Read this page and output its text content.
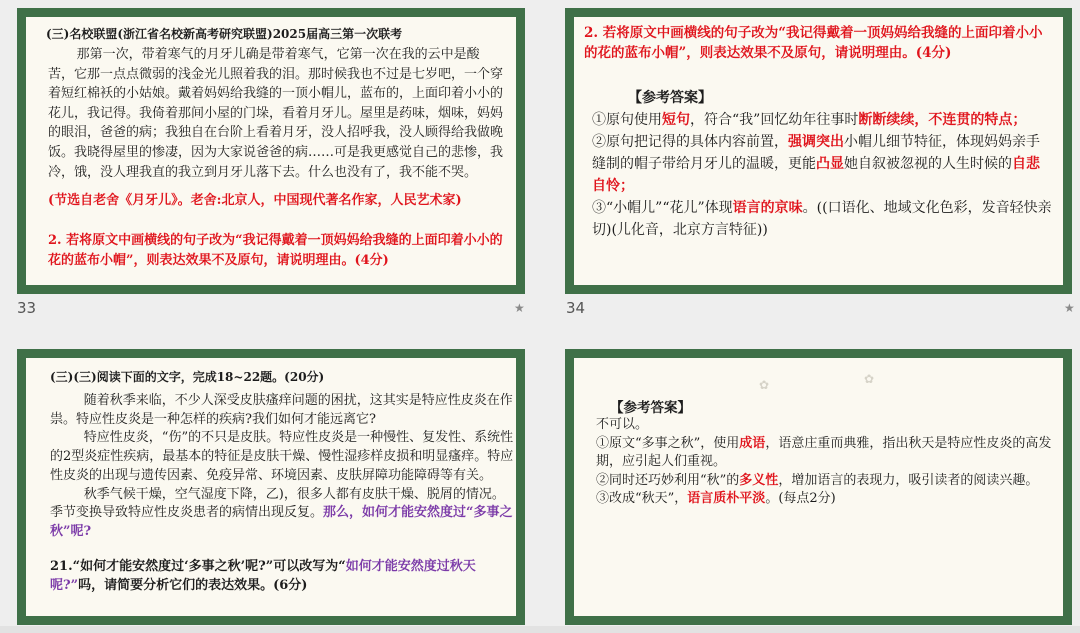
(三)名校联盟(浙江省名校新高考研究联盟)2025届高三第一次联考

那第一次，带着寒气的月牙儿确是带着寒气，它第一次在我的云中是酸苦，它那一点点微弱的浅金光儿照着我的泪。那时候我也不过是七岁吧，一个穿着短红棉袄的小姑娘。戴着妈妈给我缝的一顶小帽儿，蓝布的，上面印着小小的花儿，我记得。我倚着那间小屋的门垛，看着月牙儿。屋里是药味，烟味，妈妈的眼泪，爸爸的病；我独自在台阶上看着月牙，没人招呼我，没人顾得给我做晚饭。我晓得屋里的惨凄，因为大家说爸爸的病……可是我更感觉自己的悲惨，我冷，饿，没人理我直的我立到月牙儿落下去。什么也没有了，我不能不哭。

(节选自老舍《月牙儿》。老舍:北京人，中国现代著名作家，人民艺术家)

2. 若将原文中画横线的句子改为“我记得戴着一顶妈妈给我缝的上面印着小小的花的蓝布小帽”，则表达效果不及原句，请说明理由。(4分)

33	★

2. 若将原文中画横线的句子改为“我记得戴着一顶妈妈给我缝的上面印着小小的花的蓝布小帽”，则表达效果不及原句，请说明理由。(4分)

【参考答案】

①原句使用短句，符合“我”回忆幼年往事时断断续续，不连贯的特点；
②原句把记得的具体内容前置，强调突出小帽儿细节特征，体现妈妈亲手缝制的帽子带给月牙儿的温暖，更能凸显她自叙被忽视的人生时候的自悲自怜；
③“小帽儿”“花儿”体现语言的京味。((口语化、地域文化色彩，发音轻快亲切)(儿化音，北京方言特征))
34	★

(三)(三)阅读下面的文字，完成18~22题。(20分)

随着秋季来临，不少人深受皮肤瘙痒问题的困扰，这其实是特应性皮炎在作祟。特应性皮炎是一种怎样的疾病?我们如何才能远离它?

特应性皮炎，“伤”的不只是皮肤。特应性皮炎是一种慢性、复发性、系统性的2型炎症性疾病，最基本的特征是皮肤干燥、慢性湿疹样皮损和明显瘙痒。特应性皮炎的出现与遗传因素、免疫异常、环境因素、皮肤屏障功能障碍等有关。

秋季气候干燥，空气湿度下降，乙)，很多人都有皮肤干燥、脱屑的情况。季节变换导致特应性皮炎患者的病情出现反复。那么，如何才能安然度过“多事之秋”呢?

21.“如何才能安然度过‘多事之秋’呢?”可以改写为“如何才能安然度过秋天呢?”吗，请简要分析它们的表达效果。(6分)

✿	✿

【参考答案】

不可以。
①原文“多事之秋”，使用成语，语意庄重而典雅，指出秋天是特应性皮炎的高发期，应引起人们重视。
②同时还巧妙利用“秋”的多义性，增加语言的表现力，吸引读者的阅读兴趣。
③改成“秋天”，语言质朴平淡。(每点2分)
